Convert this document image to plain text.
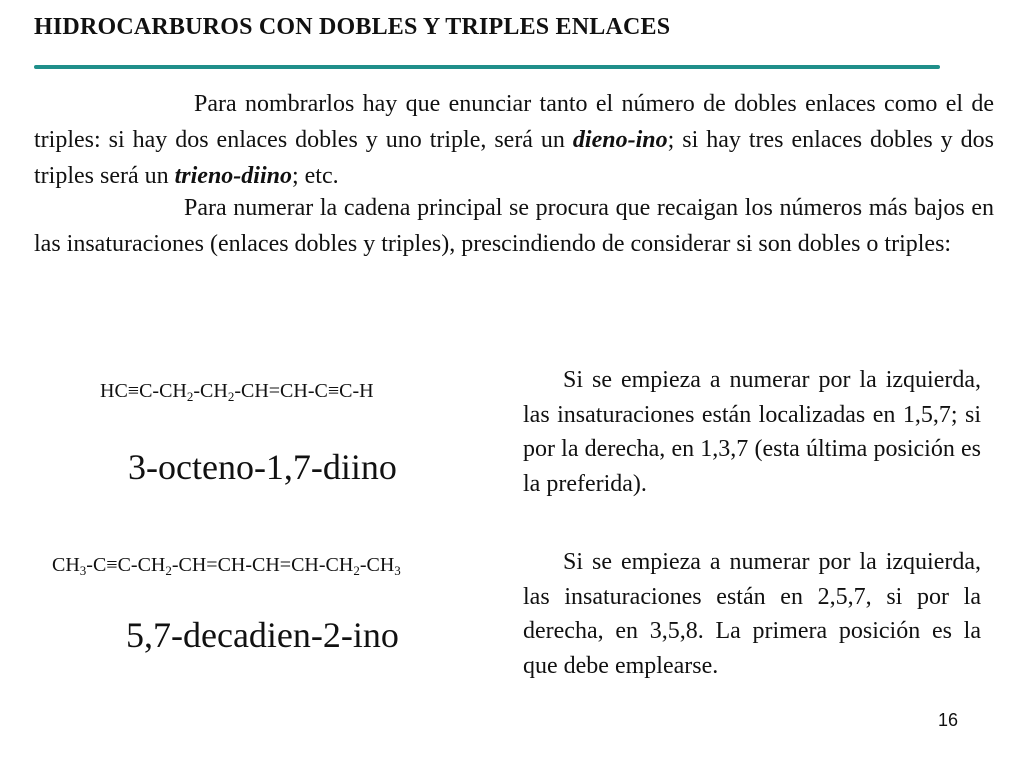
HIDROCARBUROS CON DOBLES Y TRIPLES ENLACES
Para nombrarlos hay que enunciar tanto el número de dobles enlaces como el de triples: si hay dos enlaces dobles y uno triple, será un dieno-ino; si hay tres enlaces dobles y dos triples será un trieno-diino; etc.
Para numerar la cadena principal se procura que recaigan los números más bajos en las insaturaciones (enlaces dobles y triples), prescindiendo de considerar si son dobles o triples:
$HC\equiv C-CH_2-CH_2-CH=CH-C\equiv C-H$
3-octeno-1,7-diino
Si se empieza a numerar por la izquierda, las insaturaciones están localizadas en 1,5,7; si por la derecha, en 1,3,7 (esta última posición es la preferida).
$CH_3-C\equiv C-CH_2-CH=CH-CH=CH-CH_2-CH_3$
5,7-decadien-2-ino
Si se empieza a numerar por la izquierda, las insaturaciones están en 2,5,7, si por la derecha, en 3,5,8. La primera posición es la que debe emplearse.
16
